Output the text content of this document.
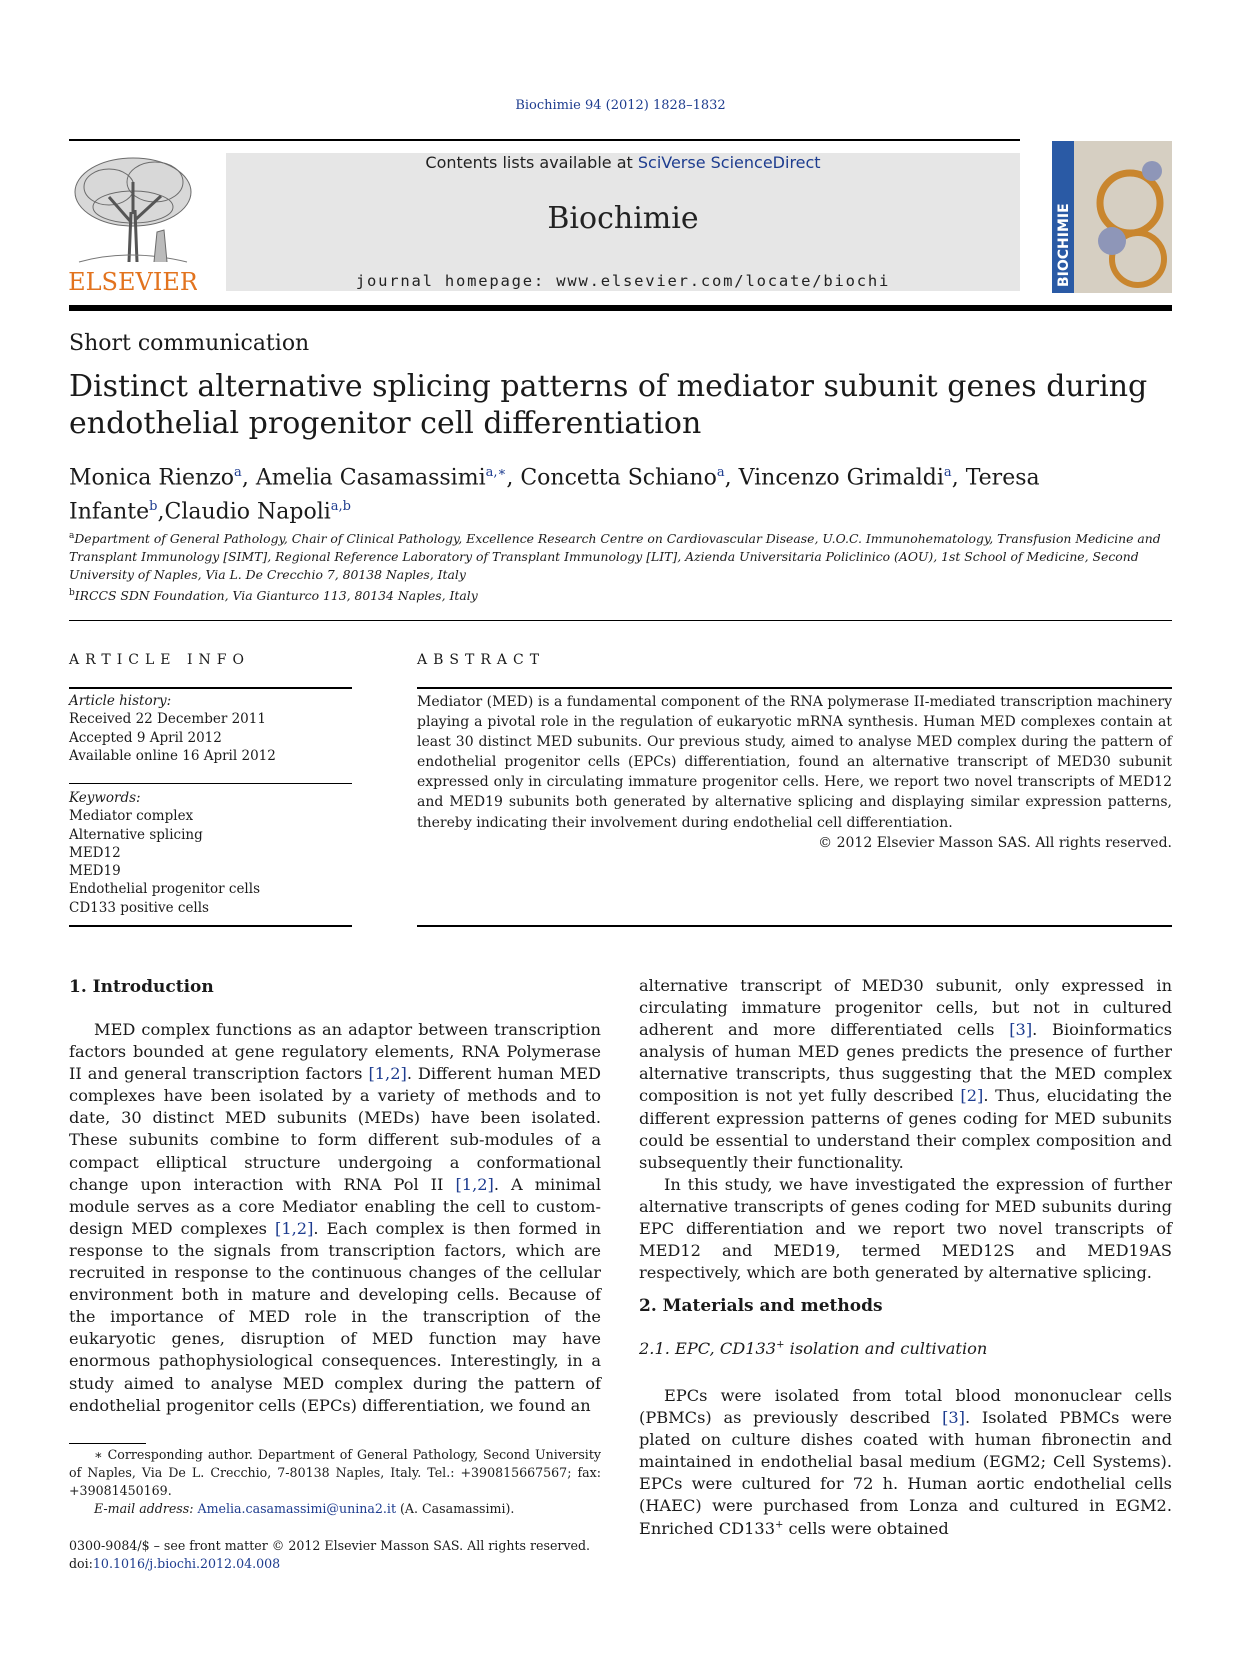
Biochimie 94 (2012) 1828–1832
ELSEVIER
Contents lists available at SciVerse ScienceDirect
Biochimie
journal homepage: www.elsevier.com/locate/biochi	BIOCHIMIE
Short communication
Distinct alternative splicing patterns of mediator subunit genes during endothelial progenitor cell differentiation
Monica Rienzo$^a$, Amelia Casamassimi$^{a,∗}$, Concetta Schiano$^a$, Vincenzo Grimaldi$^a$, Teresa Infante$^b$,Claudio Napoli$^{a,b}$
$^a$Department of General Pathology, Chair of Clinical Pathology, Excellence Research Centre on Cardiovascular Disease, U.O.C. Immunohematology, Transfusion Medicine and Transplant Immunology [SIMT], Regional Reference Laboratory of Transplant Immunology [LIT], Azienda Universitaria Policlinico (AOU), 1st School of Medicine, Second University of Naples, Via L. De Crecchio 7, 80138 Naples, Italy
$^b$IRCCS SDN Foundation, Via Gianturco 113, 80134 Naples, Italy
ARTICLE INFO
Article history:
Received 22 December 2011
Accepted 9 April 2012
Available online 16 April 2012
Keywords:
Mediator complex
Alternative splicing
MED12
MED19
Endothelial progenitor cells
CD133 positive cells
ABSTRACT
Mediator (MED) is a fundamental component of the RNA polymerase II-mediated transcription machinery playing a pivotal role in the regulation of eukaryotic mRNA synthesis. Human MED complexes contain at least 30 distinct MED subunits. Our previous study, aimed to analyse MED complex during the pattern of endothelial progenitor cells (EPCs) differentiation, found an alternative transcript of MED30 subunit expressed only in circulating immature progenitor cells. Here, we report two novel transcripts of MED12 and MED19 subunits both generated by alternative splicing and displaying similar expression patterns, thereby indicating their involvement during endothelial cell differentiation.
© 2012 Elsevier Masson SAS. All rights reserved.
1. Introduction

MED complex functions as an adaptor between transcription factors bounded at gene regulatory elements, RNA Polymerase II and general transcription factors [1,2]. Different human MED complexes have been isolated by a variety of methods and to date, 30 distinct MED subunits (MEDs) have been isolated. These subunits combine to form different sub-modules of a compact elliptical structure undergoing a conformational change upon interaction with RNA Pol II [1,2]. A minimal module serves as a core Mediator enabling the cell to custom-design MED complexes [1,2]. Each complex is then formed in response to the signals from transcription factors, which are recruited in response to the continuous changes of the cellular environment both in mature and developing cells. Because of the importance of MED role in the transcription of the eukaryotic genes, disruption of MED function may have enormous pathophysiological consequences. Interestingly, in a study aimed to analyse MED complex during the pattern of endothelial progenitor cells (EPCs) differentiation, we found an

alternative transcript of MED30 subunit, only expressed in circulating immature progenitor cells, but not in cultured adherent and more differentiated cells [3]. Bioinformatics analysis of human MED genes predicts the presence of further alternative transcripts, thus suggesting that the MED complex composition is not yet fully described [2]. Thus, elucidating the different expression patterns of genes coding for MED subunits could be essential to understand their complex composition and subsequently their functionality.

In this study, we have investigated the expression of further alternative transcripts of genes coding for MED subunits during EPC differentiation and we report two novel transcripts of MED12 and MED19, termed MED12S and MED19AS respectively, which are both generated by alternative splicing.

2. Materials and methods
2.1. EPC, CD133+ isolation and cultivation

EPCs were isolated from total blood mononuclear cells (PBMCs) as previously described [3]. Isolated PBMCs were plated on culture dishes coated with human fibronectin and maintained in endothelial basal medium (EGM2; Cell Systems). EPCs were cultured for 72 h. Human aortic endothelial cells (HAEC) were purchased from Lonza and cultured in EGM2. Enriched CD133+ cells were obtained

∗ Corresponding author. Department of General Pathology, Second University of Naples, Via De L. Crecchio, 7-80138 Naples, Italy. Tel.: +390815667567; fax: +39081450169.
E-mail address: Amelia.casamassimi@unina2.it (A. Casamassimi).
0300-9084/$ – see front matter © 2012 Elsevier Masson SAS. All rights reserved.
doi:10.1016/j.biochi.2012.04.008
